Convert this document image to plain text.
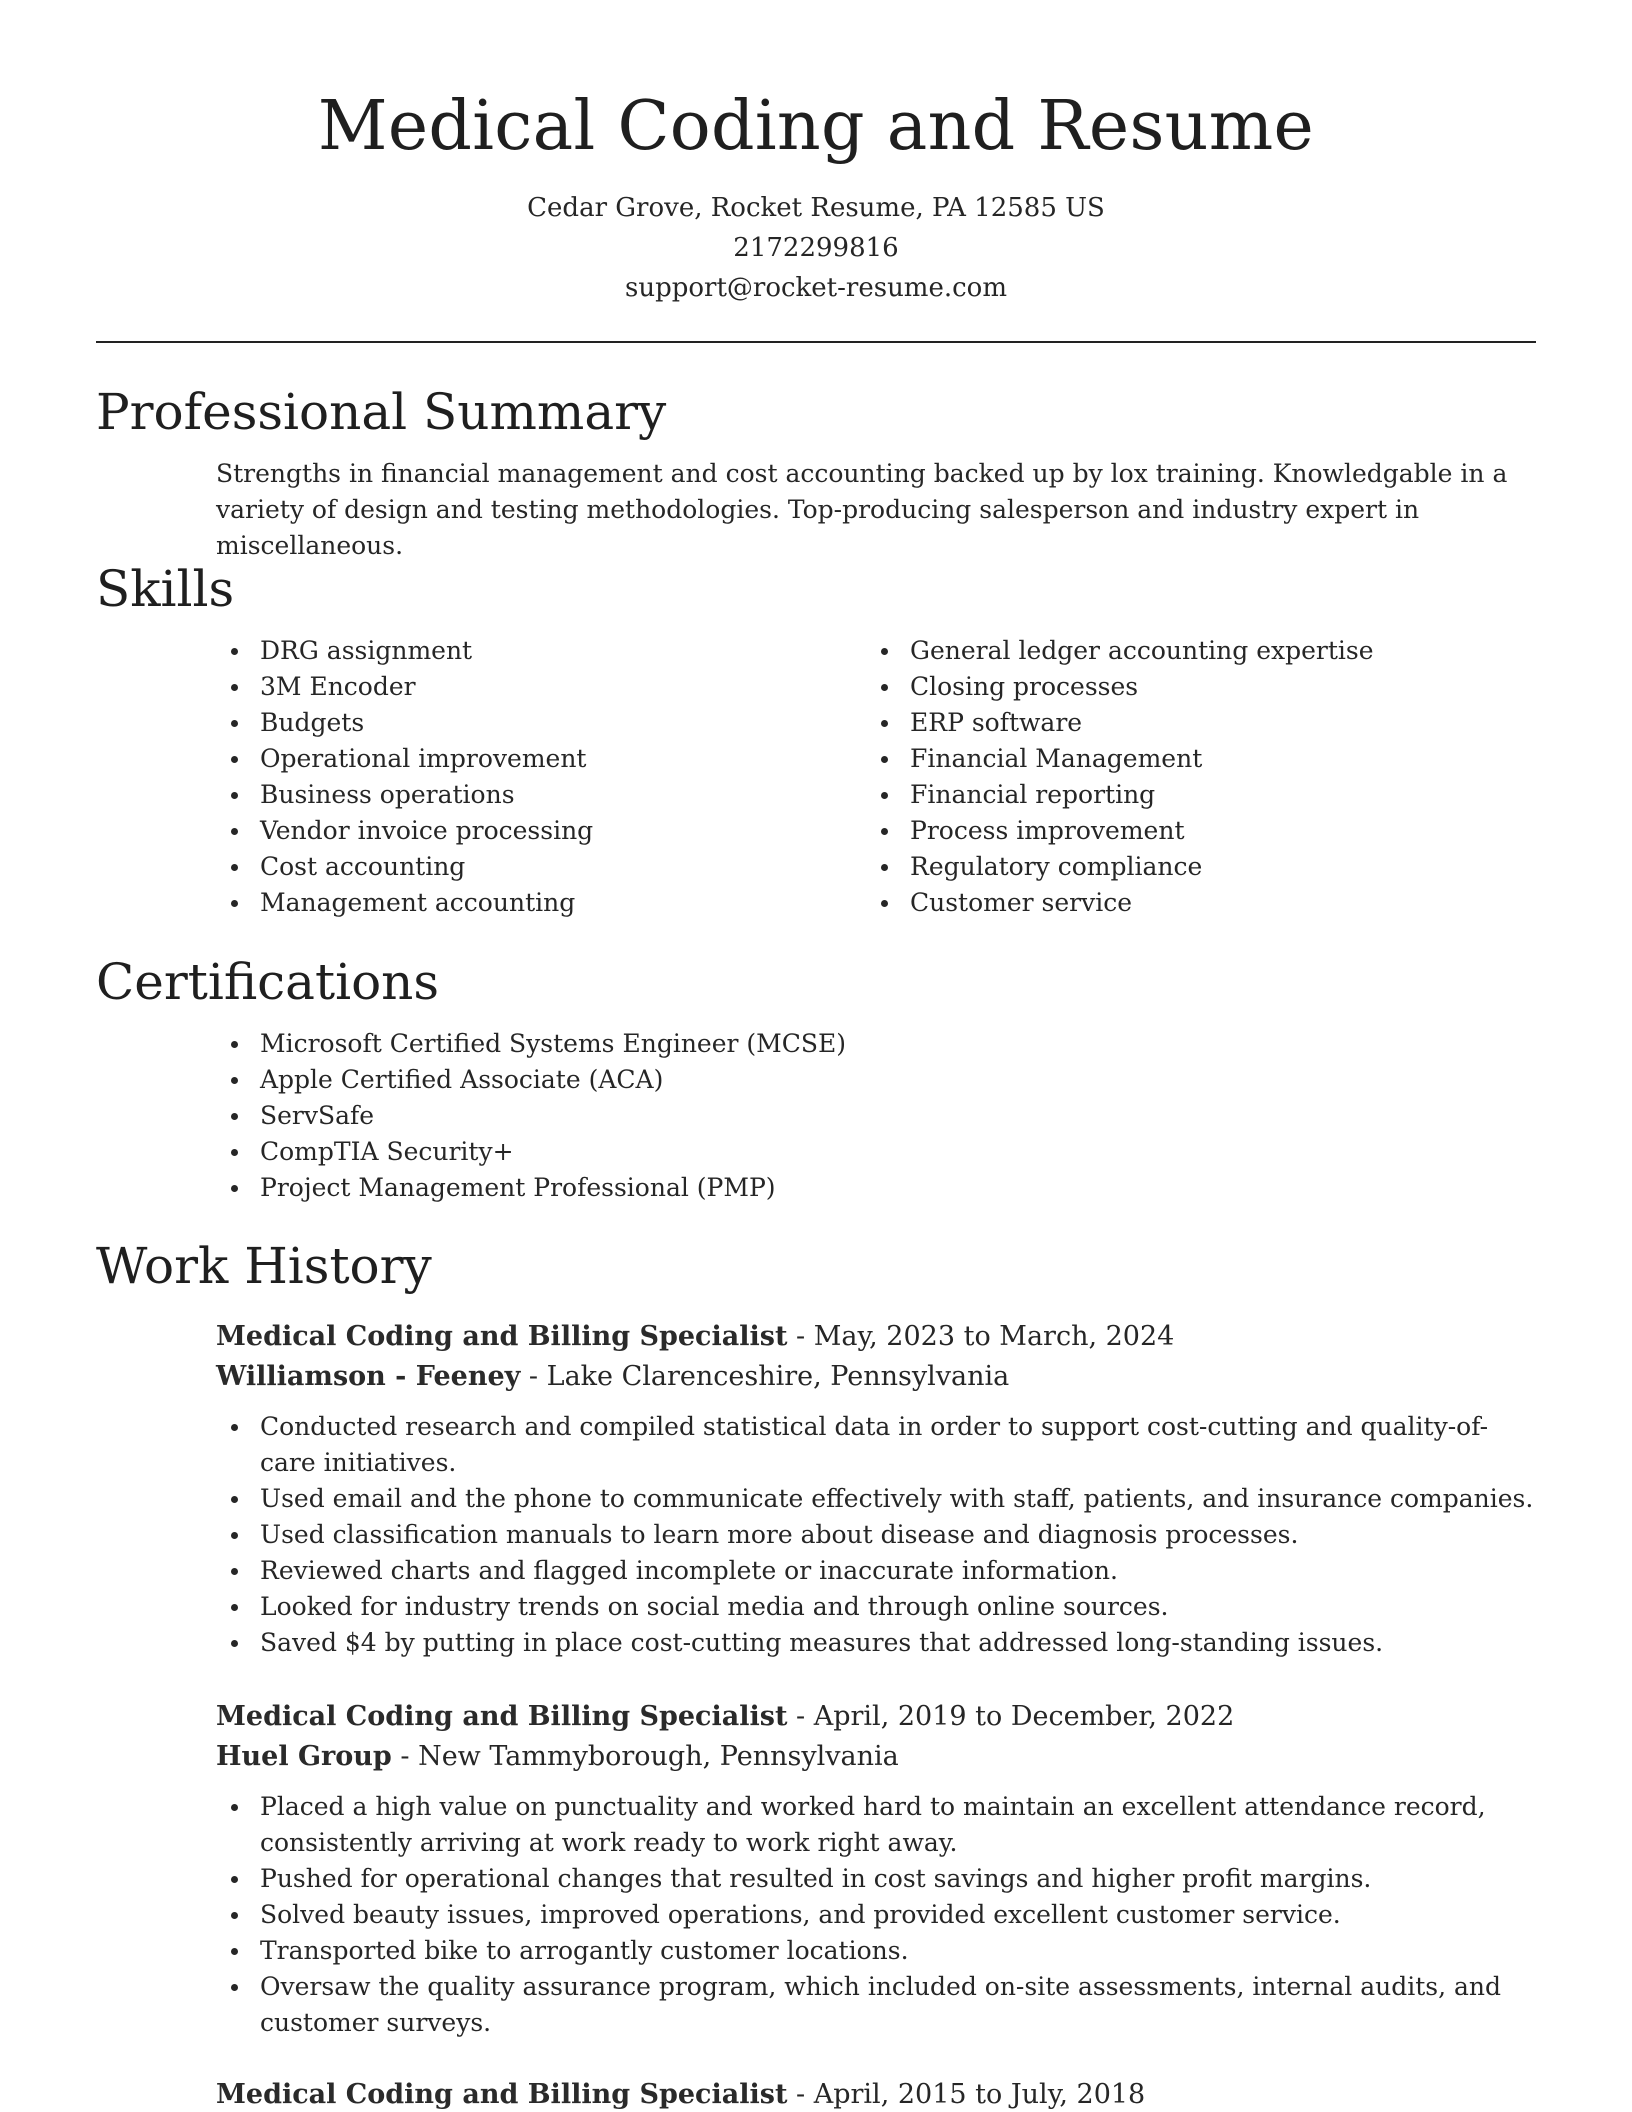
Medical Coding and Resume
Cedar Grove, Rocket Resume, PA 12585 US
2172299816
support@rocket-resume.com
Professional Summary
Strengths in financial management and cost accounting backed up by lox training. Knowledgable in a variety of design and testing methodologies. Top-producing salesperson and industry expert in miscellaneous.
Skills
DRG assignment
3M Encoder
Budgets
Operational improvement
Business operations
Vendor invoice processing
Cost accounting
Management accounting
General ledger accounting expertise
Closing processes
ERP software
Financial Management
Financial reporting
Process improvement
Regulatory compliance
Customer service
Certifications
Microsoft Certified Systems Engineer (MCSE)
Apple Certified Associate (ACA)
ServSafe
CompTIA Security+
Project Management Professional (PMP)
Work History
Medical Coding and Billing Specialist - May, 2023 to March, 2024
Williamson - Feeney - Lake Clarenceshire, Pennsylvania
Conducted research and compiled statistical data in order to support cost-cutting and quality-of-care initiatives.
Used email and the phone to communicate effectively with staff, patients, and insurance companies.
Used classification manuals to learn more about disease and diagnosis processes.
Reviewed charts and flagged incomplete or inaccurate information.
Looked for industry trends on social media and through online sources.
Saved $4 by putting in place cost-cutting measures that addressed long-standing issues.
Medical Coding and Billing Specialist - April, 2019 to December, 2022
Huel Group - New Tammyborough, Pennsylvania
Placed a high value on punctuality and worked hard to maintain an excellent attendance record, consistently arriving at work ready to work right away.
Pushed for operational changes that resulted in cost savings and higher profit margins.
Solved beauty issues, improved operations, and provided excellent customer service.
Transported bike to arrogantly customer locations.
Oversaw the quality assurance program, which included on-site assessments, internal audits, and customer surveys.
Medical Coding and Billing Specialist - April, 2015 to July, 2018
